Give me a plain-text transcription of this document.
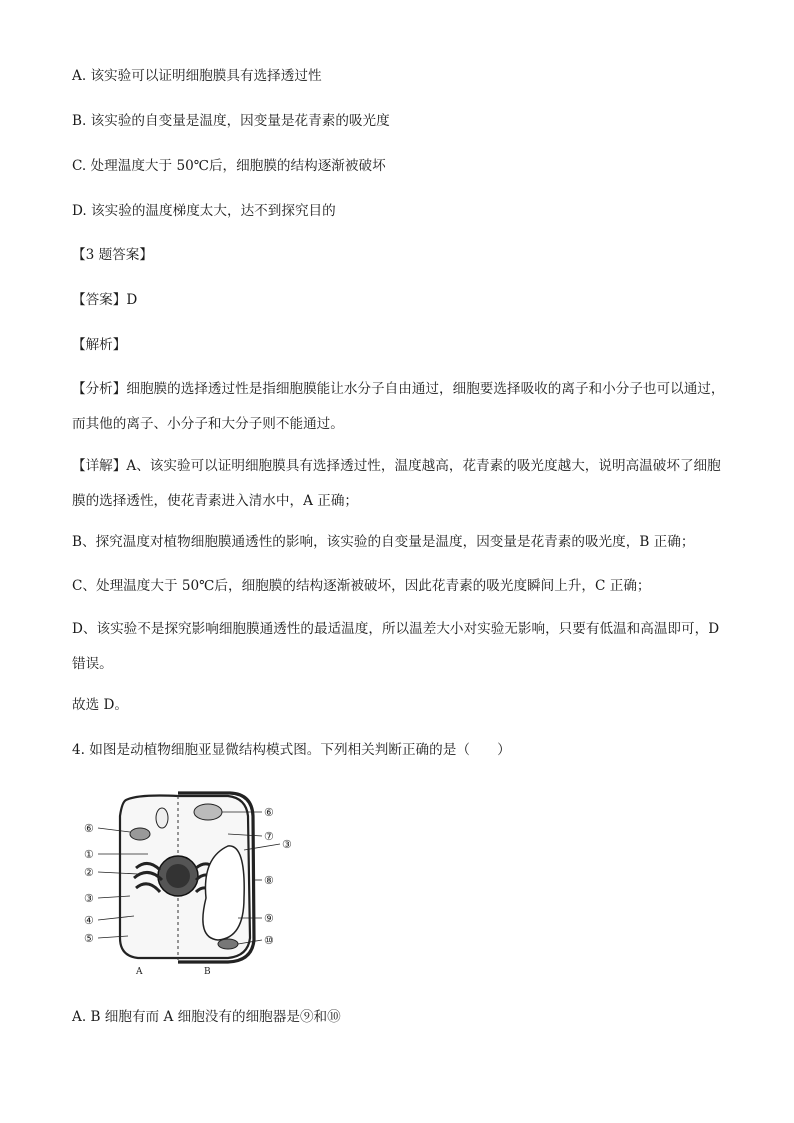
A. 该实验可以证明细胞膜具有选择透过性

B. 该实验的自变量是温度，因变量是花青素的吸光度

C. 处理温度大于 50℃后，细胞膜的结构逐渐被破坏

D. 该实验的温度梯度太大，达不到探究目的

【3 题答案】

【答案】D

【解析】

【分析】细胞膜的选择透过性是指细胞膜能让水分子自由通过，细胞要选择吸收的离子和小分子也可以通过，而其他的离子、小分子和大分子则不能通过。

【详解】A、该实验可以证明细胞膜具有选择透过性，温度越高，花青素的吸光度越大，说明高温破坏了细胞膜的选择透性，使花青素进入清水中，A 正确；

B、探究温度对植物细胞膜通透性的影响，该实验的自变量是温度，因变量是花青素的吸光度，B 正确；

C、处理温度大于 50℃后，细胞膜的结构逐渐被破坏，因此花青素的吸光度瞬间上升，C 正确；

D、该实验不是探究影响细胞膜通透性的最适温度，所以温差大小对实验无影响，只要有低温和高温即可，D 错误。

故选 D。

4. 如图是动植物细胞亚显微结构模式图。下列相关判断正确的是（　　）

A	B
⑥
①
②
③
④
⑤
⑥
⑦
③
⑧
⑨
⑩

A. B 细胞有而 A 细胞没有的细胞器是⑨和⑩
